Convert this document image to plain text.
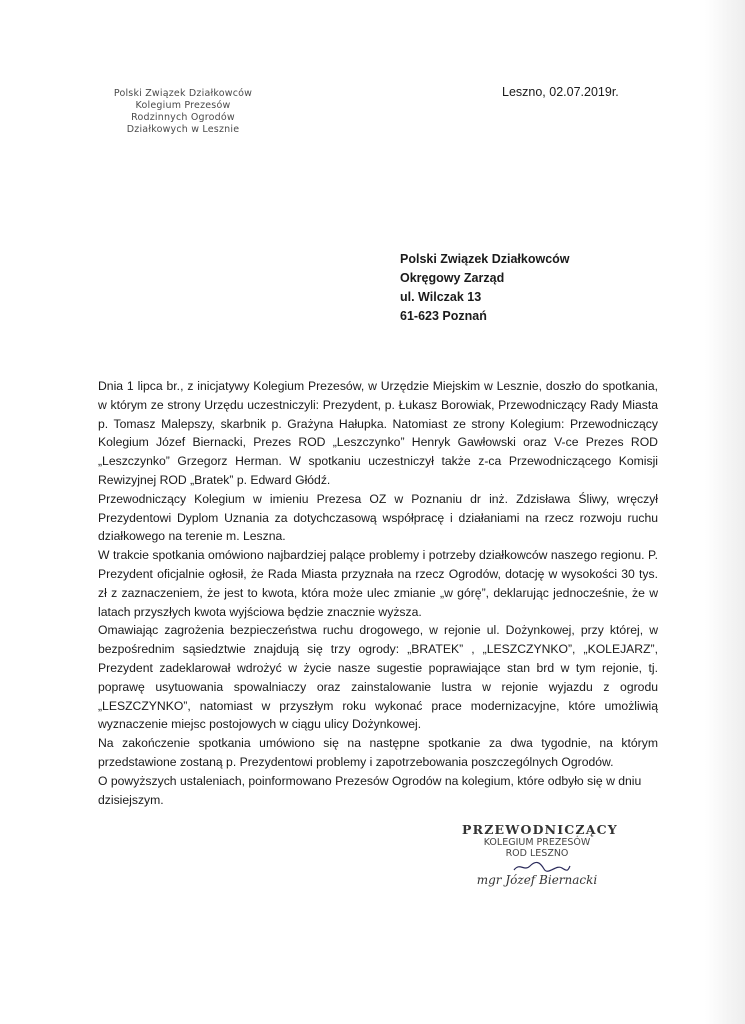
Polski Związek Działkowców
Kolegium Prezesów
Rodzinnych Ogrodów
Działkowych w Lesznie
Leszno, 02.07.2019r.
Polski Związek Działkowców
Okręgowy Zarząd
ul. Wilczak 13
61-623 Poznań

Dnia 1 lipca br., z inicjatywy Kolegium Prezesów, w Urzędzie Miejskim w Lesznie, doszło do spotkania, w którym ze strony Urzędu uczestniczyli: Prezydent, p. Łukasz Borowiak, Przewodniczący Rady Miasta p. Tomasz Malepszy, skarbnik p. Grażyna Hałupka. Natomiast ze strony Kolegium: Przewodniczący Kolegium Józef Biernacki, Prezes ROD „Leszczynko” Henryk Gawłowski oraz V-ce Prezes ROD „Leszczynko” Grzegorz Herman. W spotkaniu uczestniczył także z-ca Przewodniczącego Komisji Rewizyjnej ROD „Bratek” p. Edward Głódź.

Przewodniczący Kolegium w imieniu Prezesa OZ w Poznaniu dr inż. Zdzisława Śliwy, wręczył Prezydentowi Dyplom Uznania za dotychczasową współpracę i działaniami na rzecz rozwoju ruchu działkowego na terenie m. Leszna.

W trakcie spotkania omówiono najbardziej palące problemy i potrzeby działkowców naszego regionu. P. Prezydent oficjalnie ogłosił, że Rada Miasta przyznała na rzecz Ogrodów, dotację w wysokości 30 tys. zł z zaznaczeniem, że jest to kwota, która może ulec zmianie „w górę”, deklarując jednocześnie, że w latach przyszłych kwota wyjściowa będzie znacznie wyższa.

Omawiając zagrożenia bezpieczeństwa ruchu drogowego, w rejonie ul. Dożynkowej, przy której, w bezpośrednim sąsiedztwie znajdują się trzy ogrody: „BRATEK” , „LESZCZYNKO”, „KOLEJARZ”, Prezydent zadeklarował wdrożyć w życie nasze sugestie poprawiające stan brd w tym rejonie, tj. poprawę usytuowania spowalniaczy oraz zainstalowanie lustra w rejonie wyjazdu z ogrodu „LESZCZYNKO”, natomiast w przyszłym roku wykonać prace modernizacyjne, które umożliwią wyznaczenie miejsc postojowych w ciągu ulicy Dożynkowej.

Na zakończenie spotkania umówiono się na następne spotkanie za dwa tygodnie, na którym przedstawione zostaną p. Prezydentowi problemy i zapotrzebowania poszczególnych Ogrodów.

O powyższych ustaleniach, poinformowano Prezesów Ogrodów na kolegium, które odbyło się w dniu dzisiejszym.

PRZEWODNICZĄCY
KOLEGIUM PREZESÓW
ROD LESZNO
mgr Józef Biernacki
